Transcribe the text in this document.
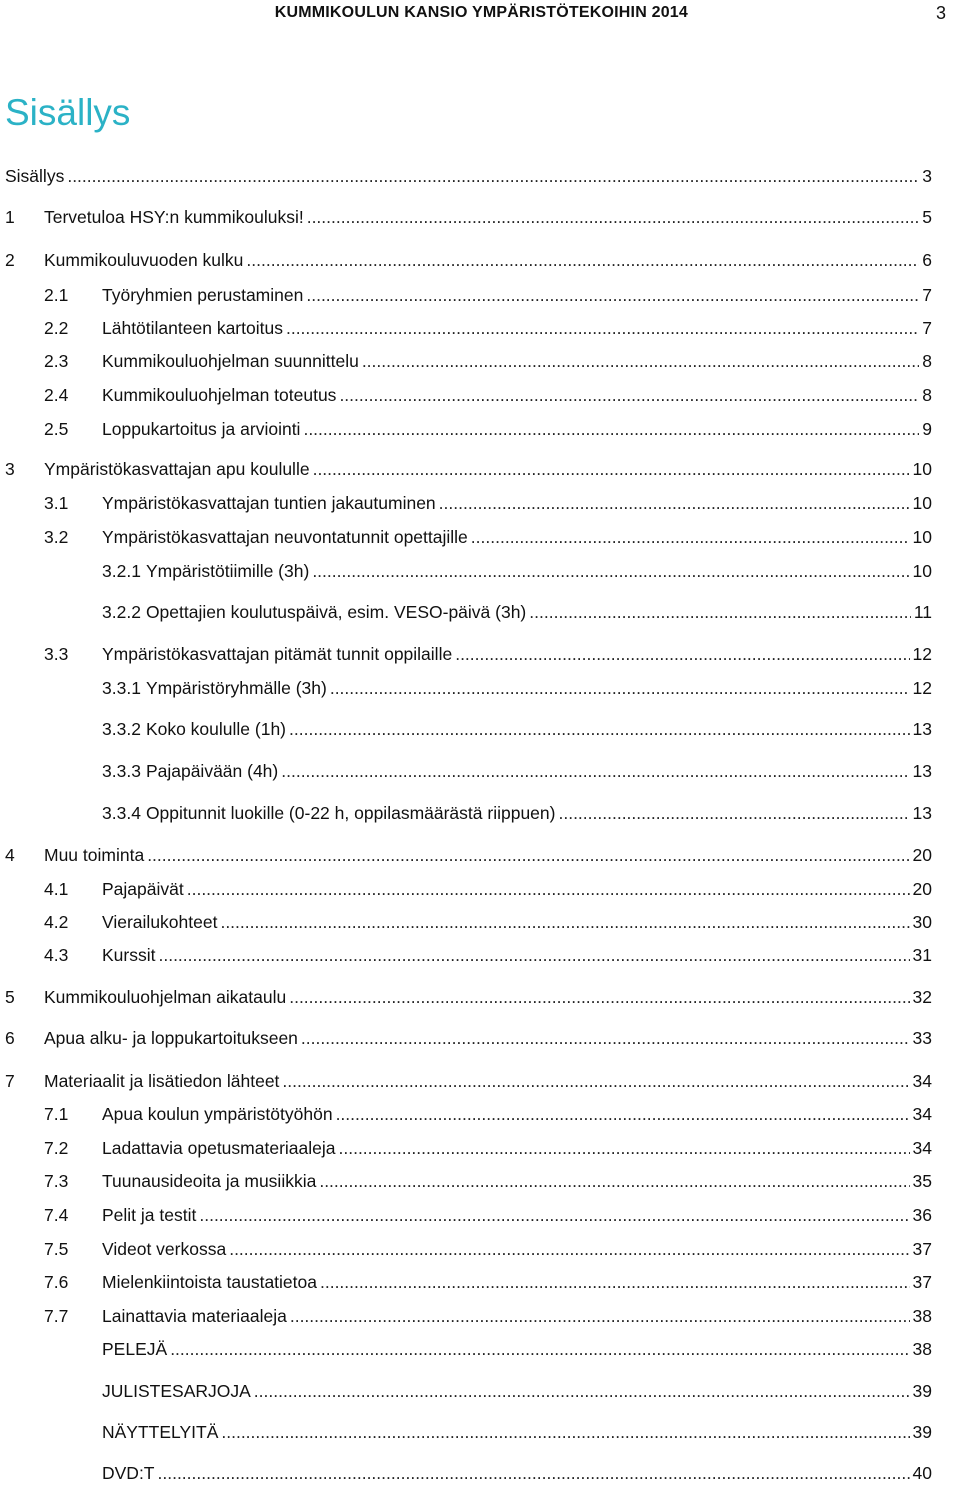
KUMMIKOULUN KANSIO YMPÄRISTÖTEKOIHIN 2014	3
Sisällys
Sisällys .....	3
1	Tervetuloa HSY:n kummikouluksi! .....	5
2	Kummikouluvuoden kulku .....	6
2.1	Työryhmien perustaminen .....	7
2.2	Lähtötilanteen kartoitus .....	7
2.3	Kummikouluohjelman suunnittelu .....	8
2.4	Kummikouluohjelman toteutus .....	8
2.5	Loppukartoitus ja arviointi .....	9
3	Ympäristökasvattajan apu koululle .....	10
3.1	Ympäristökasvattajan tuntien jakautuminen .....	10
3.2	Ympäristökasvattajan neuvontatunnit opettajille .....	10
3.2.1 Ympäristötiimille (3h) .....	10
3.2.2 Opettajien koulutuspäivä, esim. VESO-päivä (3h) .....	11
3.3	Ympäristökasvattajan pitämät tunnit oppilaille .....	12
3.3.1 Ympäristöryhmälle (3h) .....	12
3.3.2 Koko koululle (1h) .....	13
3.3.3 Pajapäivään (4h) .....	13
3.3.4 Oppitunnit luokille (0-22 h, oppilasmäärästä riippuen) .....	13
4	Muu toiminta .....	20
4.1	Pajapäivät .....	20
4.2	Vierailukohteet .....	30
4.3	Kurssit .....	31
5	Kummikouluohjelman aikataulu .....	32
6	Apua alku- ja loppukartoitukseen .....	33
7	Materiaalit ja lisätiedon lähteet .....	34
7.1	Apua koulun ympäristötyöhön .....	34
7.2	Ladattavia opetusmateriaaleja .....	34
7.3	Tuunausideoita ja musiikkia .....	35
7.4	Pelit ja testit .....	36
7.5	Videot verkossa .....	37
7.6	Mielenkiintoista taustatietoa .....	37
7.7	Lainattavia materiaaleja .....	38
PELEJÄ .....	38
JULISTESARJOJA .....	39
NÄYTTELYITÄ .....	39
DVD:T .....	40
